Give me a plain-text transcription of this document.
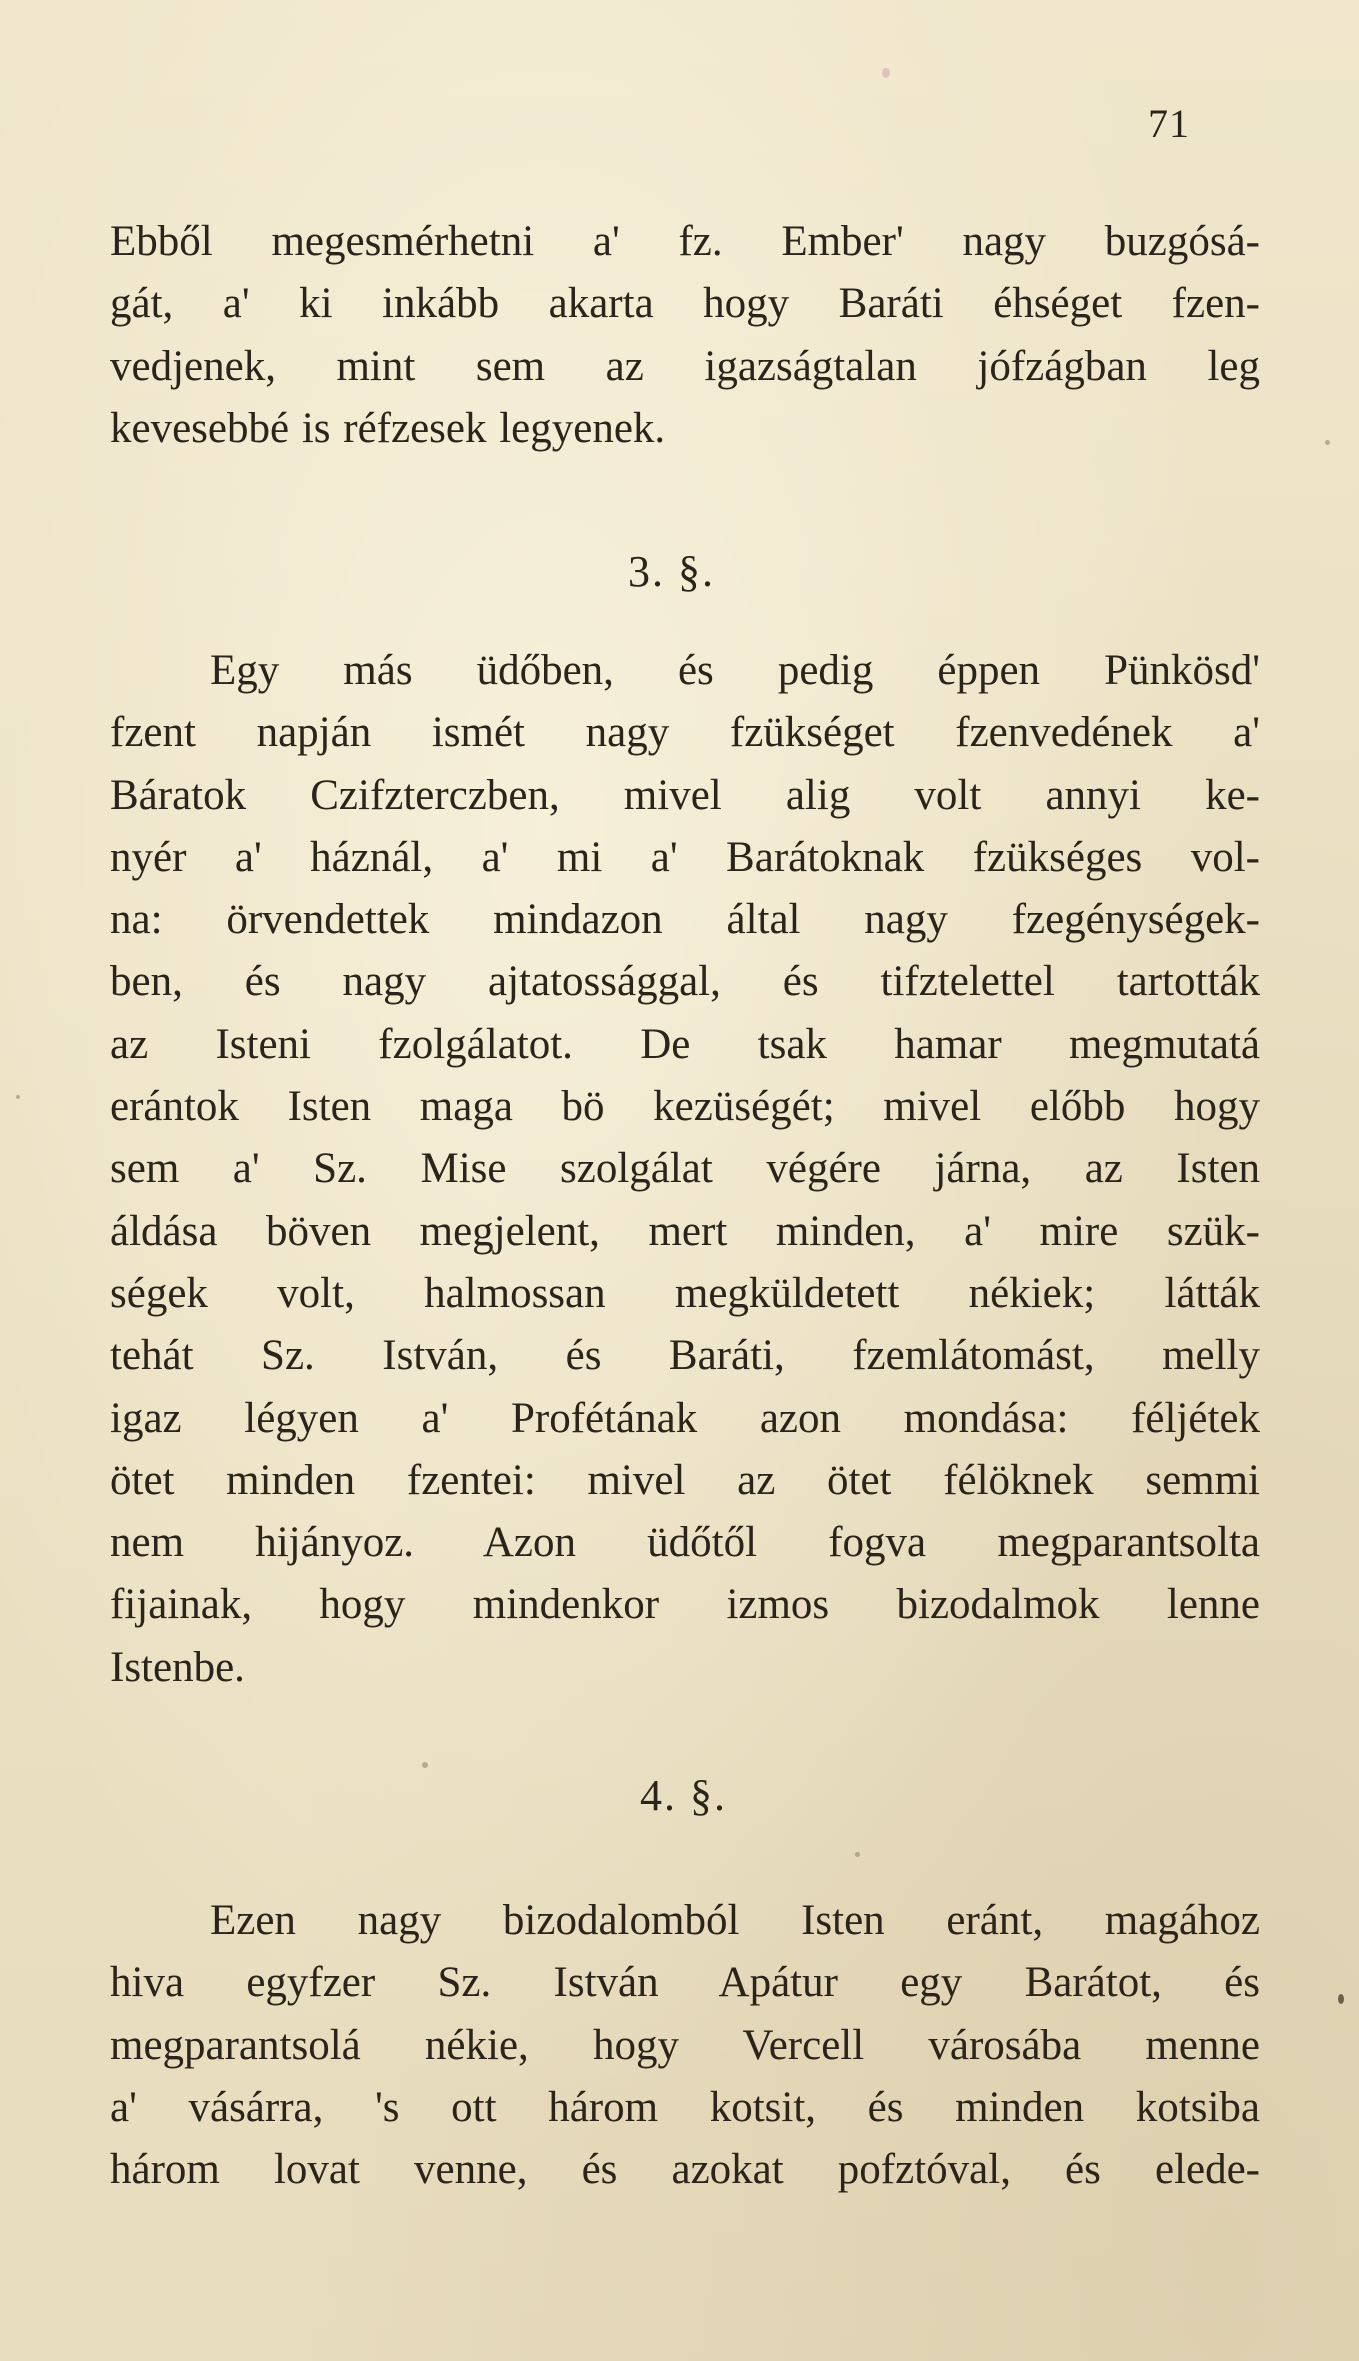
71
Ebből megesmérhetni a' fz. Ember' nagy buzgósá-
gát, a' ki inkább akarta hogy Baráti éhséget fzen-
vedjenek, mint sem az igazságtalan jófzágban leg
kevesebbé is réfzesek legyenek.
3. §.
Egy más üdőben, és pedig éppen Pünkösd'
fzent napján ismét nagy fzükséget fzenvedének a'
Báratok Czifzterczben, mivel alig volt annyi ke-
nyér a' háznál, a' mi a' Barátoknak fzükséges vol-
na: örvendettek mindazon által nagy fzegénységek-
ben, és nagy ajtatossággal, és tifztelettel tartották
az Isteni fzolgálatot. De tsak hamar megmutatá
erántok Isten maga bö kezüségét; mivel előbb hogy
sem a' Sz. Mise szolgálat végére járna, az Isten
áldása böven megjelent, mert minden, a' mire szük-
ségek volt, halmossan megküldetett nékiek; látták
tehát Sz. István, és Baráti, fzemlátomást, melly
igaz légyen a' Profétának azon mondása: féljétek
ötet minden fzentei: mivel az ötet félöknek semmi
nem hijányoz. Azon üdőtől fogva megparantsolta
fijainak, hogy mindenkor izmos bizodalmok lenne
Istenbe.
4. §.
Ezen nagy bizodalomból Isten eránt, magához
hiva egyfzer Sz. István Apátur egy Barátot, és
megparantsolá nékie, hogy Vercell városába menne
a' vásárra, 's ott három kotsit, és minden kotsiba
három lovat venne, és azokat pofztóval, és elede-
